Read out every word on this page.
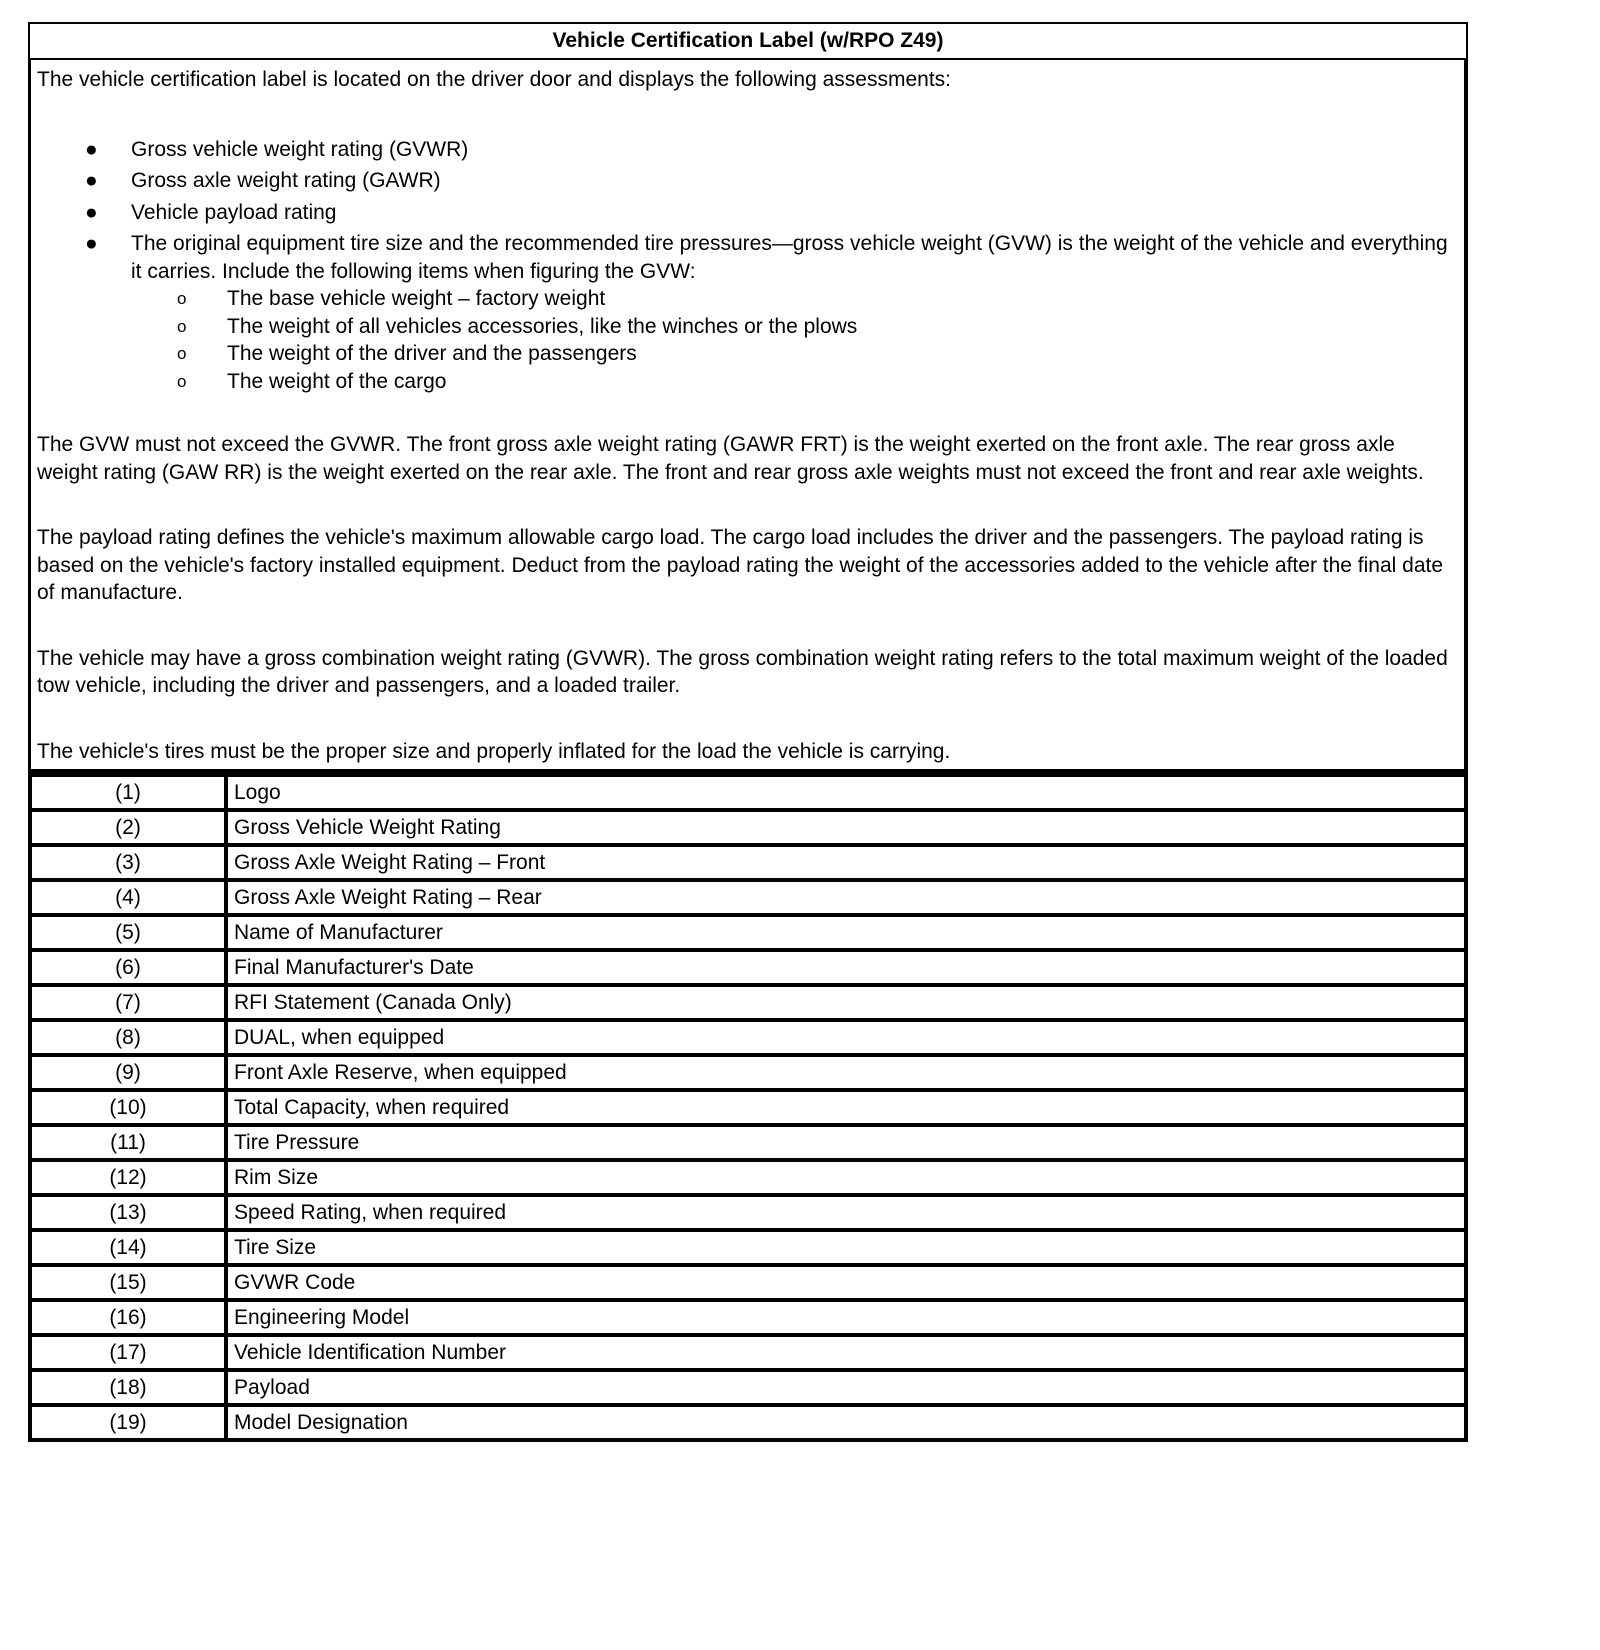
Vehicle Certification Label (w/RPO Z49)

The vehicle certification label is located on the driver door and displays the following assessments:

● Gross vehicle weight rating (GVWR)
● Gross axle weight rating (GAWR)
● Vehicle payload rating
● The original equipment tire size and the recommended tire pressures—gross vehicle weight (GVW) is the weight of the vehicle and everything it carries. Include the following items when figuring the GVW:
o The base vehicle weight – factory weight
o The weight of all vehicles accessories, like the winches or the plows
o The weight of the driver and the passengers
o The weight of the cargo

The GVW must not exceed the GVWR. The front gross axle weight rating (GAWR FRT) is the weight exerted on the front axle. The rear gross axle weight rating (GAW RR) is the weight exerted on the rear axle. The front and rear gross axle weights must not exceed the front and rear axle weights.

The payload rating defines the vehicle's maximum allowable cargo load. The cargo load includes the driver and the passengers. The payload rating is based on the vehicle's factory installed equipment. Deduct from the payload rating the weight of the accessories added to the vehicle after the final date of manufacture.

The vehicle may have a gross combination weight rating (GVWR). The gross combination weight rating refers to the total maximum weight of the loaded tow vehicle, including the driver and passengers, and a loaded trailer.

The vehicle's tires must be the proper size and properly inflated for the load the vehicle is carrying.

(1)	Logo
(2)	Gross Vehicle Weight Rating
(3)	Gross Axle Weight Rating – Front
(4)	Gross Axle Weight Rating – Rear
(5)	Name of Manufacturer
(6)	Final Manufacturer's Date
(7)	RFI Statement (Canada Only)
(8)	DUAL, when equipped
(9)	Front Axle Reserve, when equipped
(10)	Total Capacity, when required
(11)	Tire Pressure
(12)	Rim Size
(13)	Speed Rating, when required
(14)	Tire Size
(15)	GVWR Code
(16)	Engineering Model
(17)	Vehicle Identification Number
(18)	Payload
(19)	Model Designation
